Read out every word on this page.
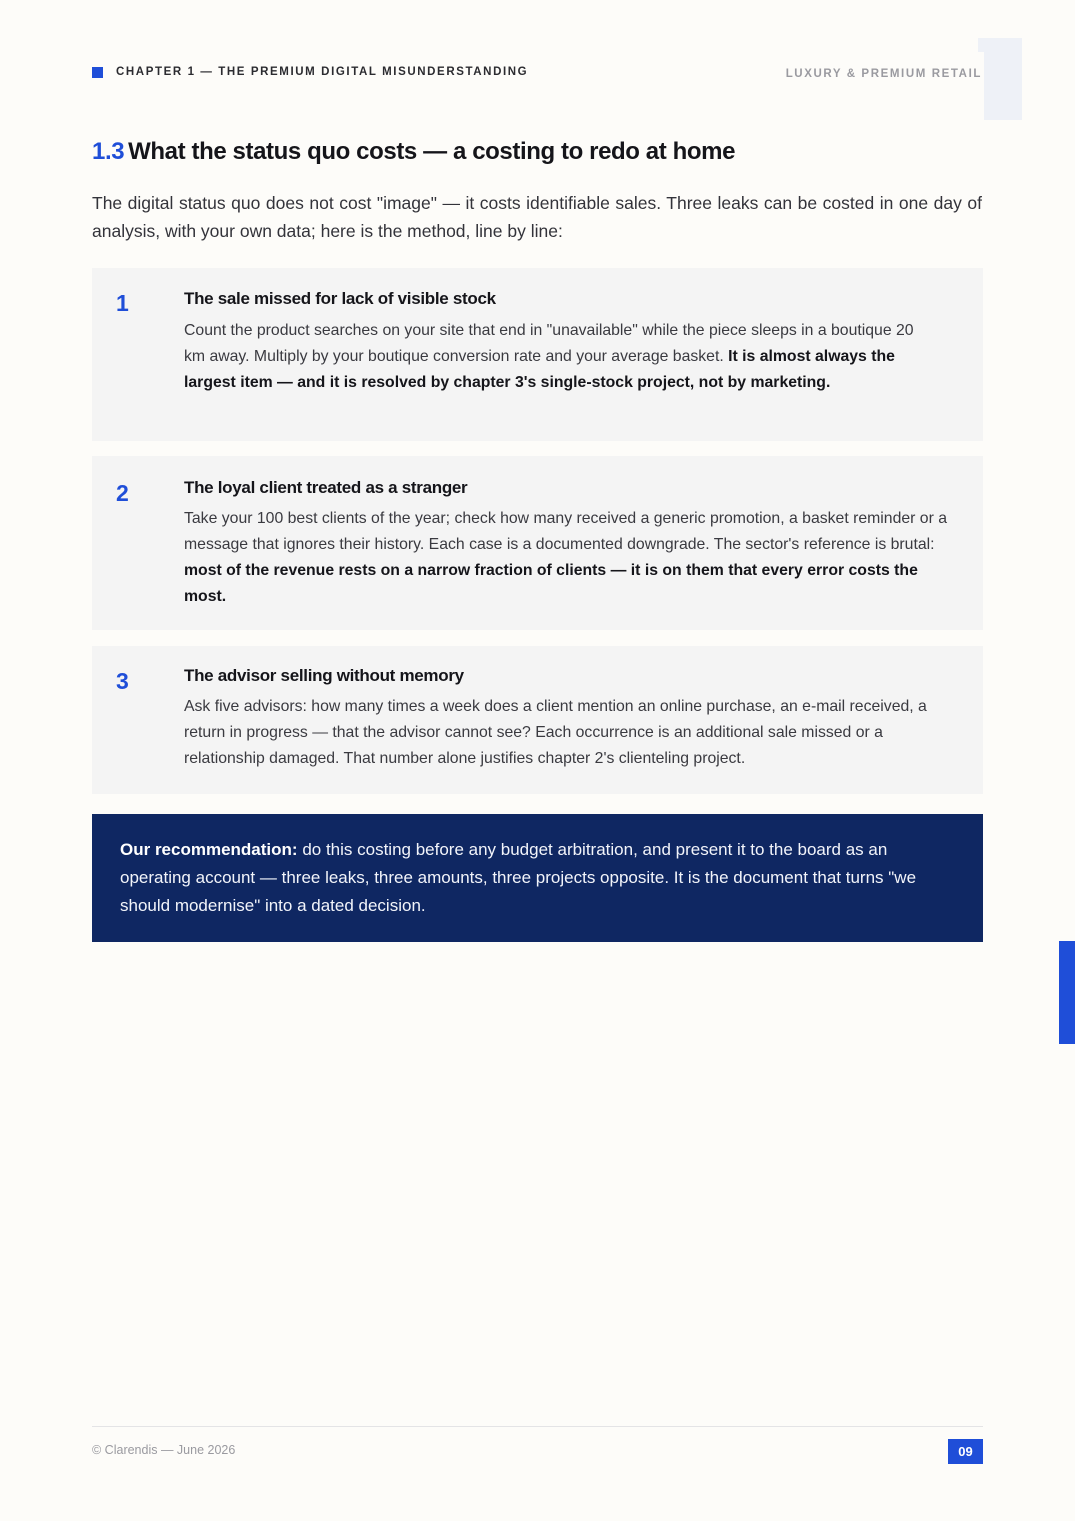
CHAPTER 1 — THE PREMIUM DIGITAL MISUNDERSTANDING	LUXURY & PREMIUM RETAIL
1.3 What the status quo costs — a costing to redo at home

The digital status quo does not cost "image" — it costs identifiable sales. Three leaks can be costed in one day of analysis, with your own data; here is the method, line by line:

1	The sale missed for lack of visible stock

Count the product searches on your site that end in "unavailable" while the piece sleeps in a boutique 20 km away. Multiply by your boutique conversion rate and your average basket. It is almost always the largest item — and it is resolved by chapter 3's single-stock project, not by marketing.

2	The loyal client treated as a stranger

Take your 100 best clients of the year; check how many received a generic promotion, a basket reminder or a message that ignores their history. Each case is a documented downgrade. The sector's reference is brutal: most of the revenue rests on a narrow fraction of clients — it is on them that every error costs the most.

3	The advisor selling without memory

Ask five advisors: how many times a week does a client mention an online purchase, an e-mail received, a return in progress — that the advisor cannot see? Each occurrence is an additional sale missed or a relationship damaged. That number alone justifies chapter 2's clienteling project.

Our recommendation: do this costing before any budget arbitration, and present it to the board as an operating account — three leaks, three amounts, three projects opposite. It is the document that turns "we should modernise" into a dated decision.
© Clarendis — June 2026	09
